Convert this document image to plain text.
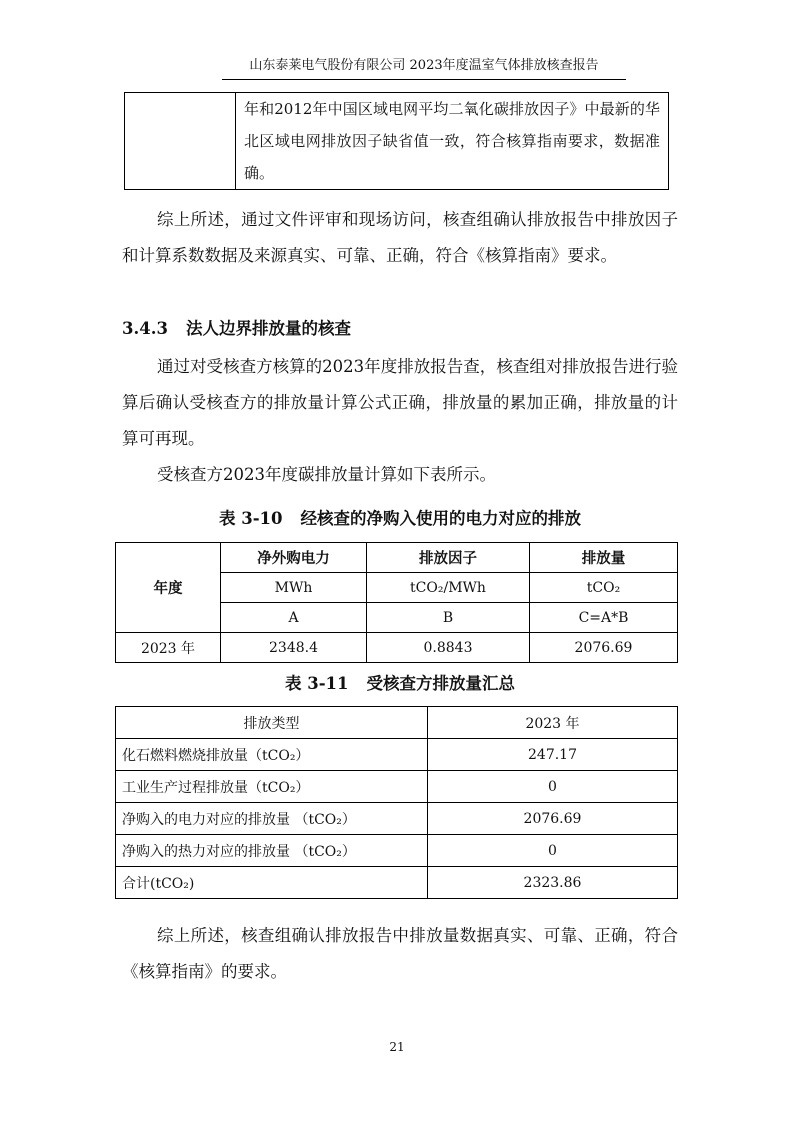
山东泰莱电气股份有限公司 2023年度温室气体排放核查报告

年和2012年中国区域电网平均二氧化碳排放因子》中最新的华北区域电网排放因子缺省值一致，符合核算指南要求，数据准确。
综上所述，通过文件评审和现场访问，核查组确认排放报告中排放因子和计算系数数据及来源真实、可靠、正确，符合《核算指南》要求。
3.4.3 法人边界排放量的核查
通过对受核查方核算的2023年度排放报告查，核查组对排放报告进行验算后确认受核查方的排放量计算公式正确，排放量的累加正确，排放量的计算可再现。
受核查方2023年度碳排放量计算如下表所示。
表 3-10 经核查的净购入使用的电力对应的排放
年度	净外购电力	排放因子	排放量
	MWh	tCO₂/MWh	tCO₂
	A	B	C=A*B
2023 年	2348.4	0.8843	2076.69
表 3-11 受核查方排放量汇总
排放类型	2023 年
化石燃料燃烧排放量（tCO₂）	247.17
工业生产过程排放量（tCO₂）	0
净购入的电力对应的排放量 （tCO₂）	2076.69
净购入的热力对应的排放量 （tCO₂）	0
合计(tCO₂)	2323.86
综上所述，核查组确认排放报告中排放量数据真实、可靠、正确，符合《核算指南》的要求。
21
